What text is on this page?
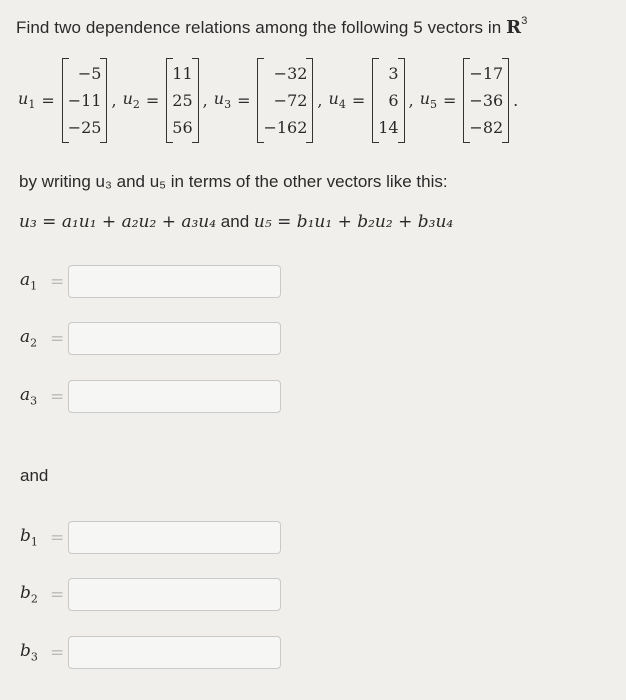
Find two dependence relations among the following 5 vectors in $R^3$
$u_1$ =
−5
−11
−25
, $u_2$ =
11
25
56
, $u_3$ =
−32
−72
−162
, $u_4$ =
3
6
14
, $u_5$ =
−17
−36
−82
.
by writing u₃ and u₅ in terms of the other vectors like this:
u₃ = a₁u₁ + a₂u₂ + a₃u₄ and u₅ = b₁u₁ + b₂u₂ + b₃u₄
$a_1$ =
$a_2$ =
$a_3$ =
and
$b_1$ =
$b_2$ =
$b_3$ =
